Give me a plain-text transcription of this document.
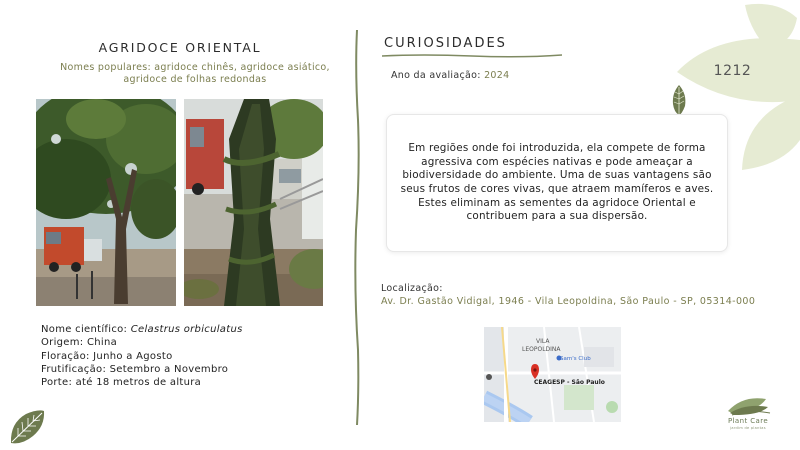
AGRIDOCE ORIENTAL
Nomes populares: agridoce chinês, agridoce asiático,
agridoce de folhas redondas
Nome científico: Celastrus orbiculatus
Origem: China
Floração: Junho a Agosto
Frutificação: Setembro a Novembro
Porte: até 18 metros de altura
CURIOSIDADES
Ano da avaliação: 2024	1212

Em regiões onde foi introduzida, ela compete de forma agressiva com espécies nativas e pode ameaçar a biodiversidade do ambiente. Uma de suas vantagens são seus frutos de cores vivas, que atraem mamíferos e aves. Estes eliminam as sementes da agridoce Oriental e contribuem para a sua dispersão.

Localização:
Av. Dr. Gastão Vidigal, 1946 - Vila Leopoldina, São Paulo - SP, 05314-000
VILA
LEOPOLDINA
Sam's Club
CEAGESP - São Paulo
Plant Care
jardim de plantas
